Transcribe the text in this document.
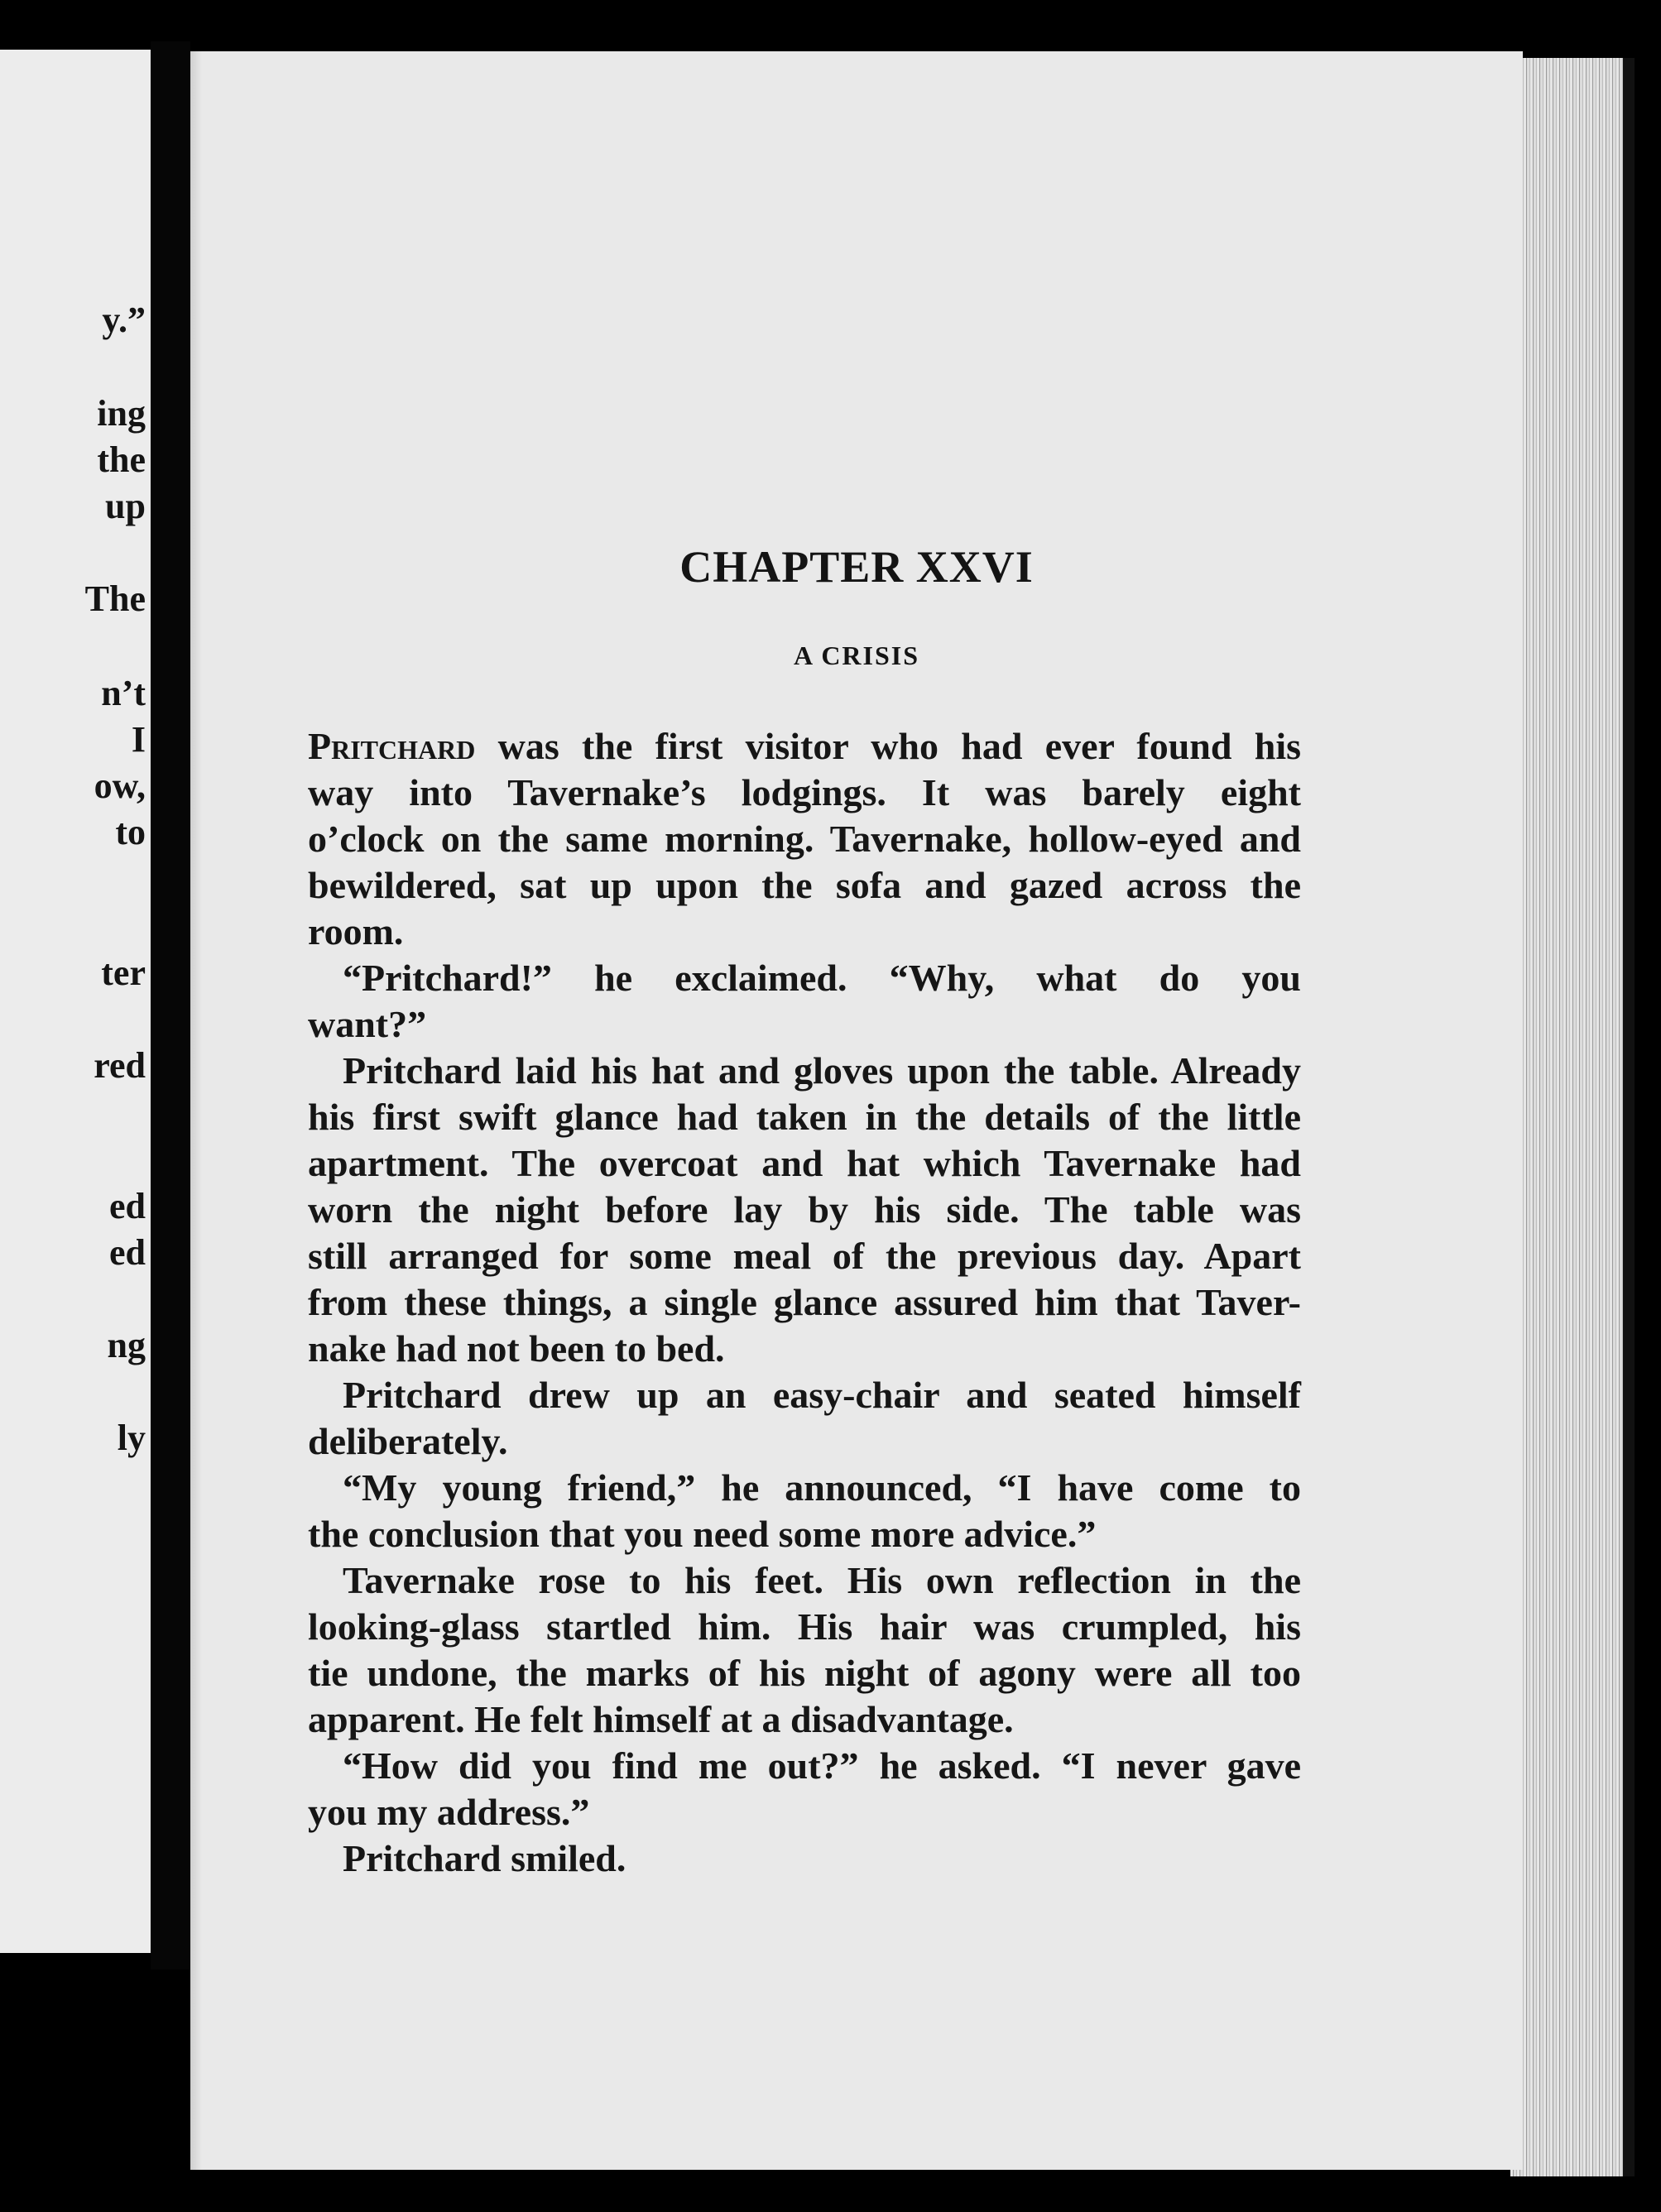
y.”
ing
the
up
The
n’t
I
ow,
to
ter
red
ed
ed
ng
ly
CHAPTER XXVI
A CRISIS
Pritchard was the first visitor who had ever found his
way into Tavernake’s lodgings. It was barely eight
o’clock on the same morning. Tavernake, hollow-eyed and
bewildered, sat up upon the sofa and gazed across the
room.
“Pritchard!” he exclaimed. “Why, what do you
want?”
Pritchard laid his hat and gloves upon the table. Already
his first swift glance had taken in the details of the little
apartment. The overcoat and hat which Tavernake had
worn the night before lay by his side. The table was
still arranged for some meal of the previous day. Apart
from these things, a single glance assured him that Taver-
nake had not been to bed.
Pritchard drew up an easy-chair and seated himself
deliberately.
“My young friend,” he announced, “I have come to
the conclusion that you need some more advice.”
Tavernake rose to his feet. His own reflection in the
looking-glass startled him. His hair was crumpled, his
tie undone, the marks of his night of agony were all too
apparent. He felt himself at a disadvantage.
“How did you find me out?” he asked. “I never gave
you my address.”
Pritchard smiled.
